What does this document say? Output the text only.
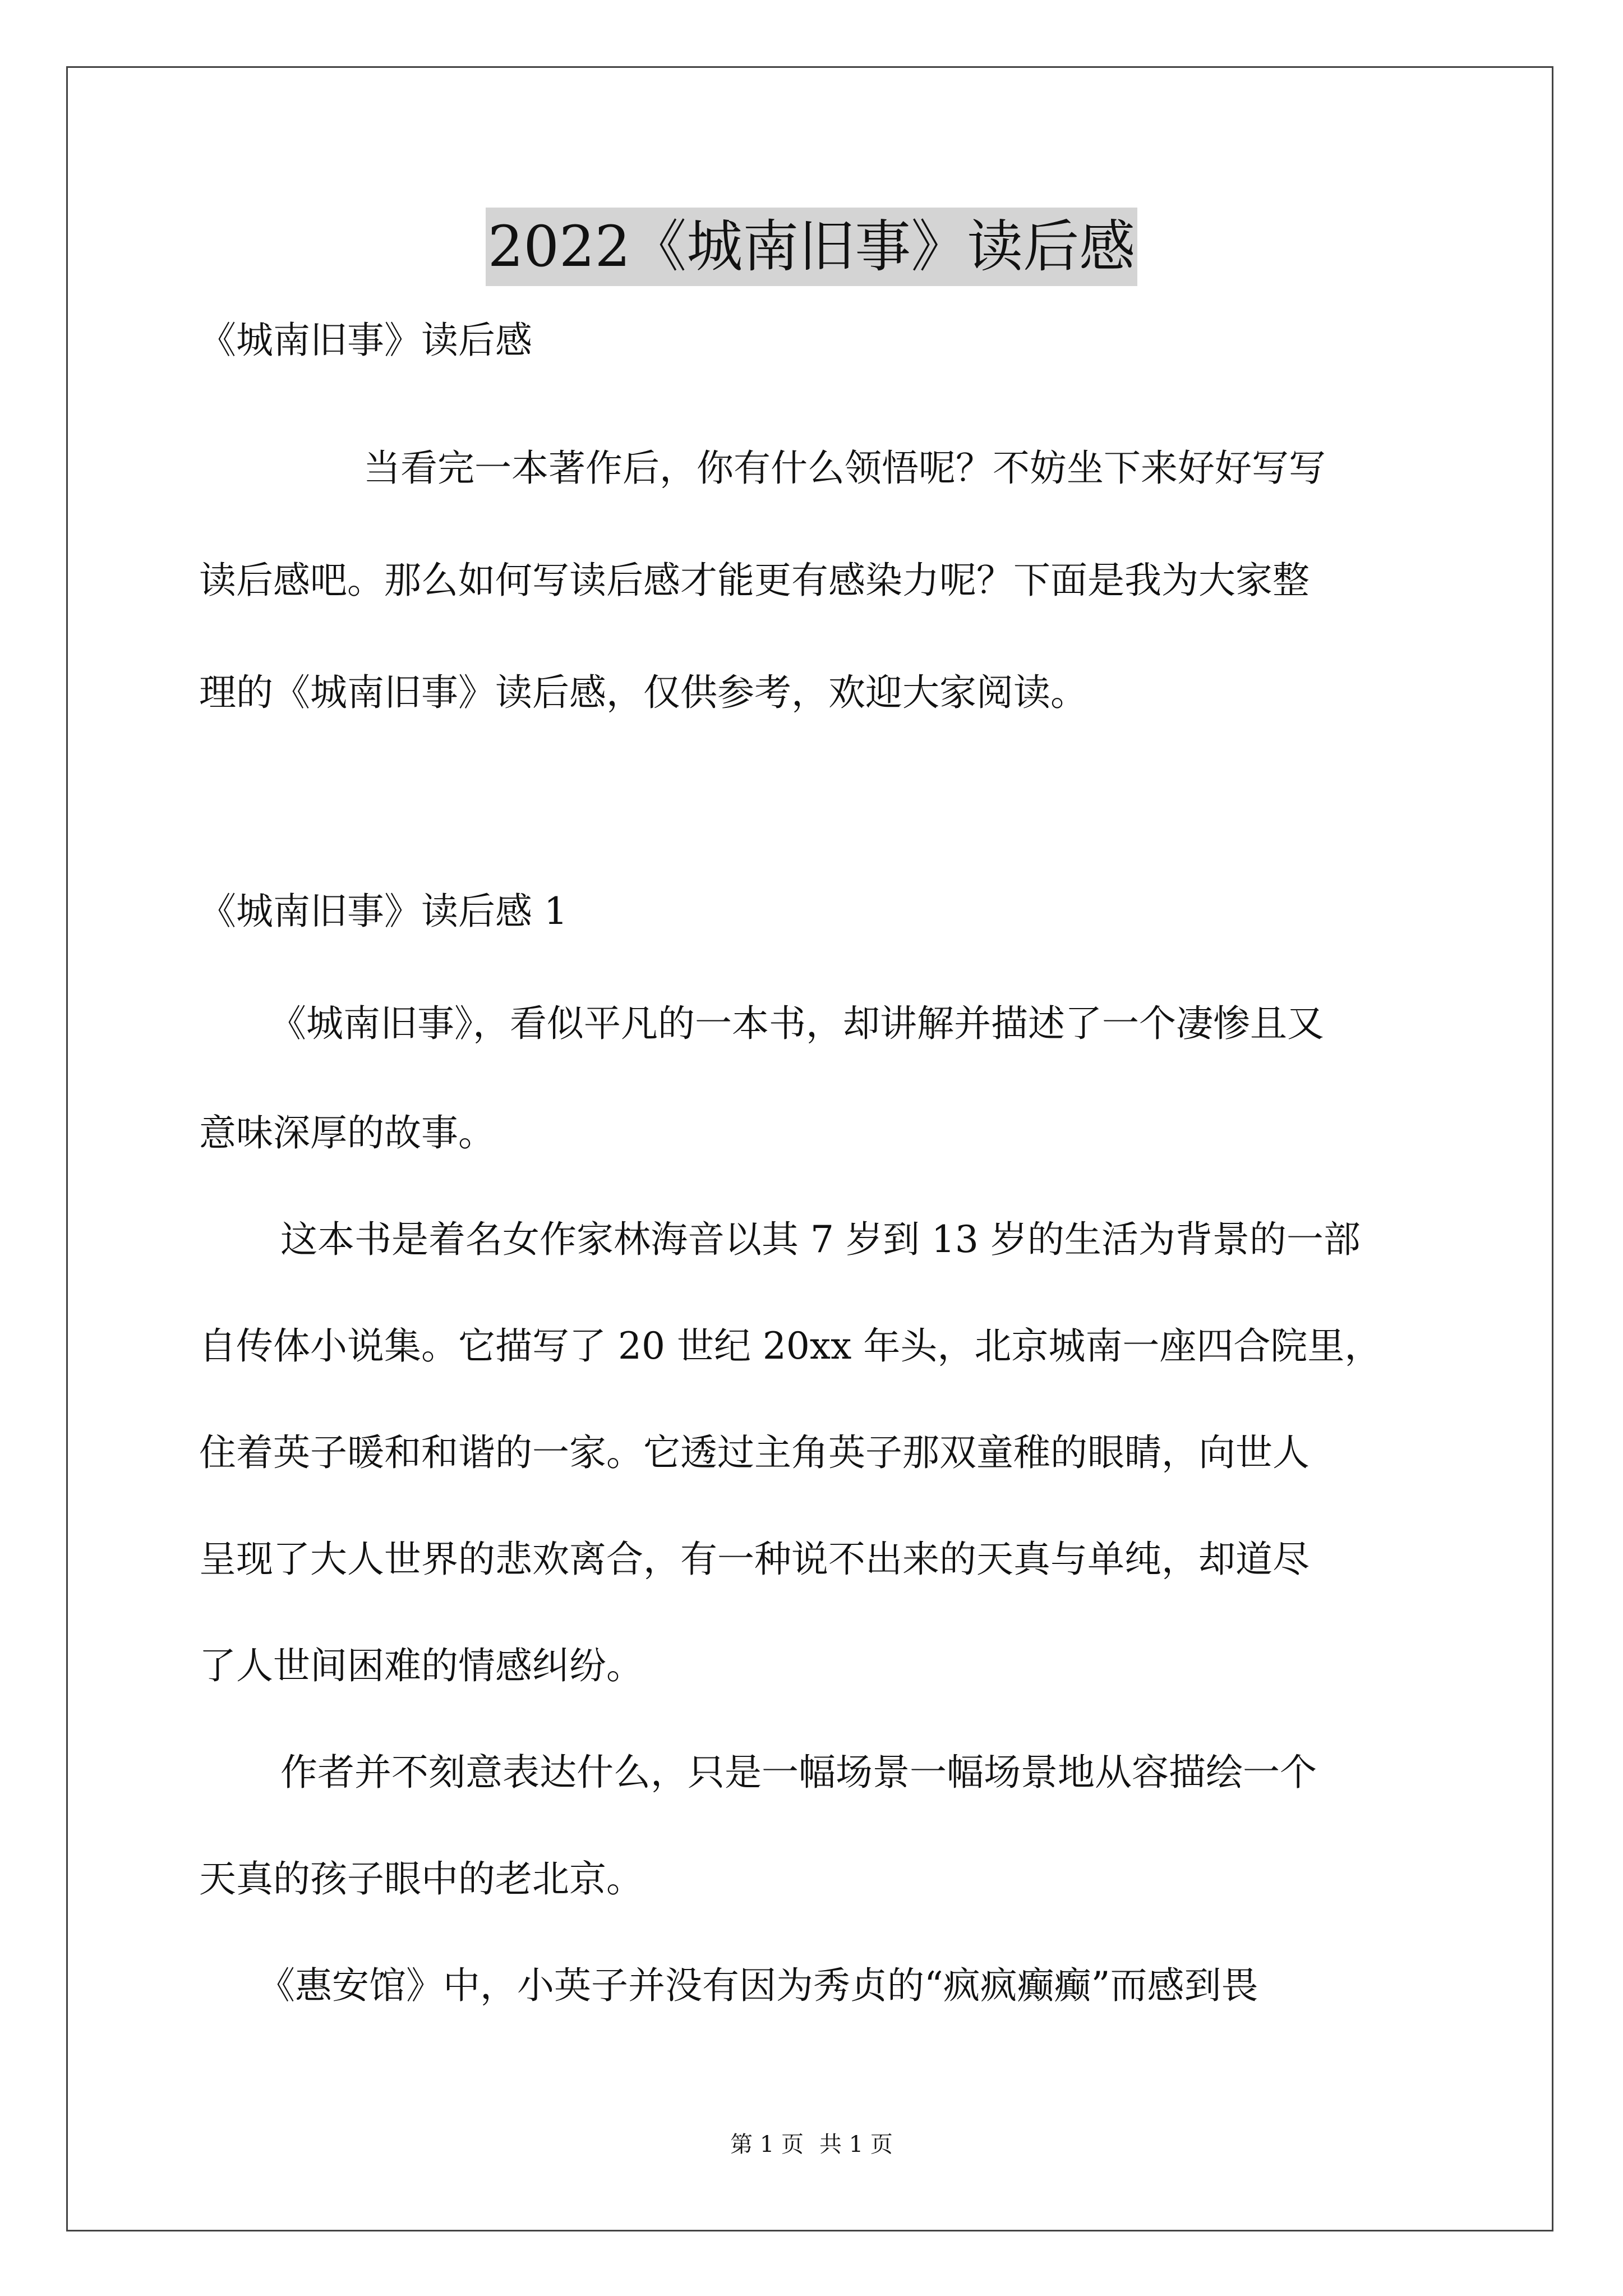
2022《城南旧事》读后感
《城南旧事》读后感
当看完一本著作后，你有什么领悟呢？不妨坐下来好好写写
读后感吧。那么如何写读后感才能更有感染力呢？下面是我为大家整
理的《城南旧事》读后感，仅供参考，欢迎大家阅读。
《城南旧事》读后感 1
《城南旧事》，看似平凡的一本书，却讲解并描述了一个凄惨且又
意味深厚的故事。
这本书是着名女作家林海音以其 7 岁到 13 岁的生活为背景的一部
自传体小说集。它描写了 20 世纪 20xx 年头，北京城南一座四合院里，
住着英子暖和和谐的一家。它透过主角英子那双童稚的眼睛，向世人
呈现了大人世界的悲欢离合，有一种说不出来的天真与单纯，却道尽
了人世间困难的情感纠纷。
作者并不刻意表达什么，只是一幅场景一幅场景地从容描绘一个
天真的孩子眼中的老北京。
《惠安馆》中，小英子并没有因为秀贞的“疯疯癫癫”而感到畏
第 1 页 共 1 页
